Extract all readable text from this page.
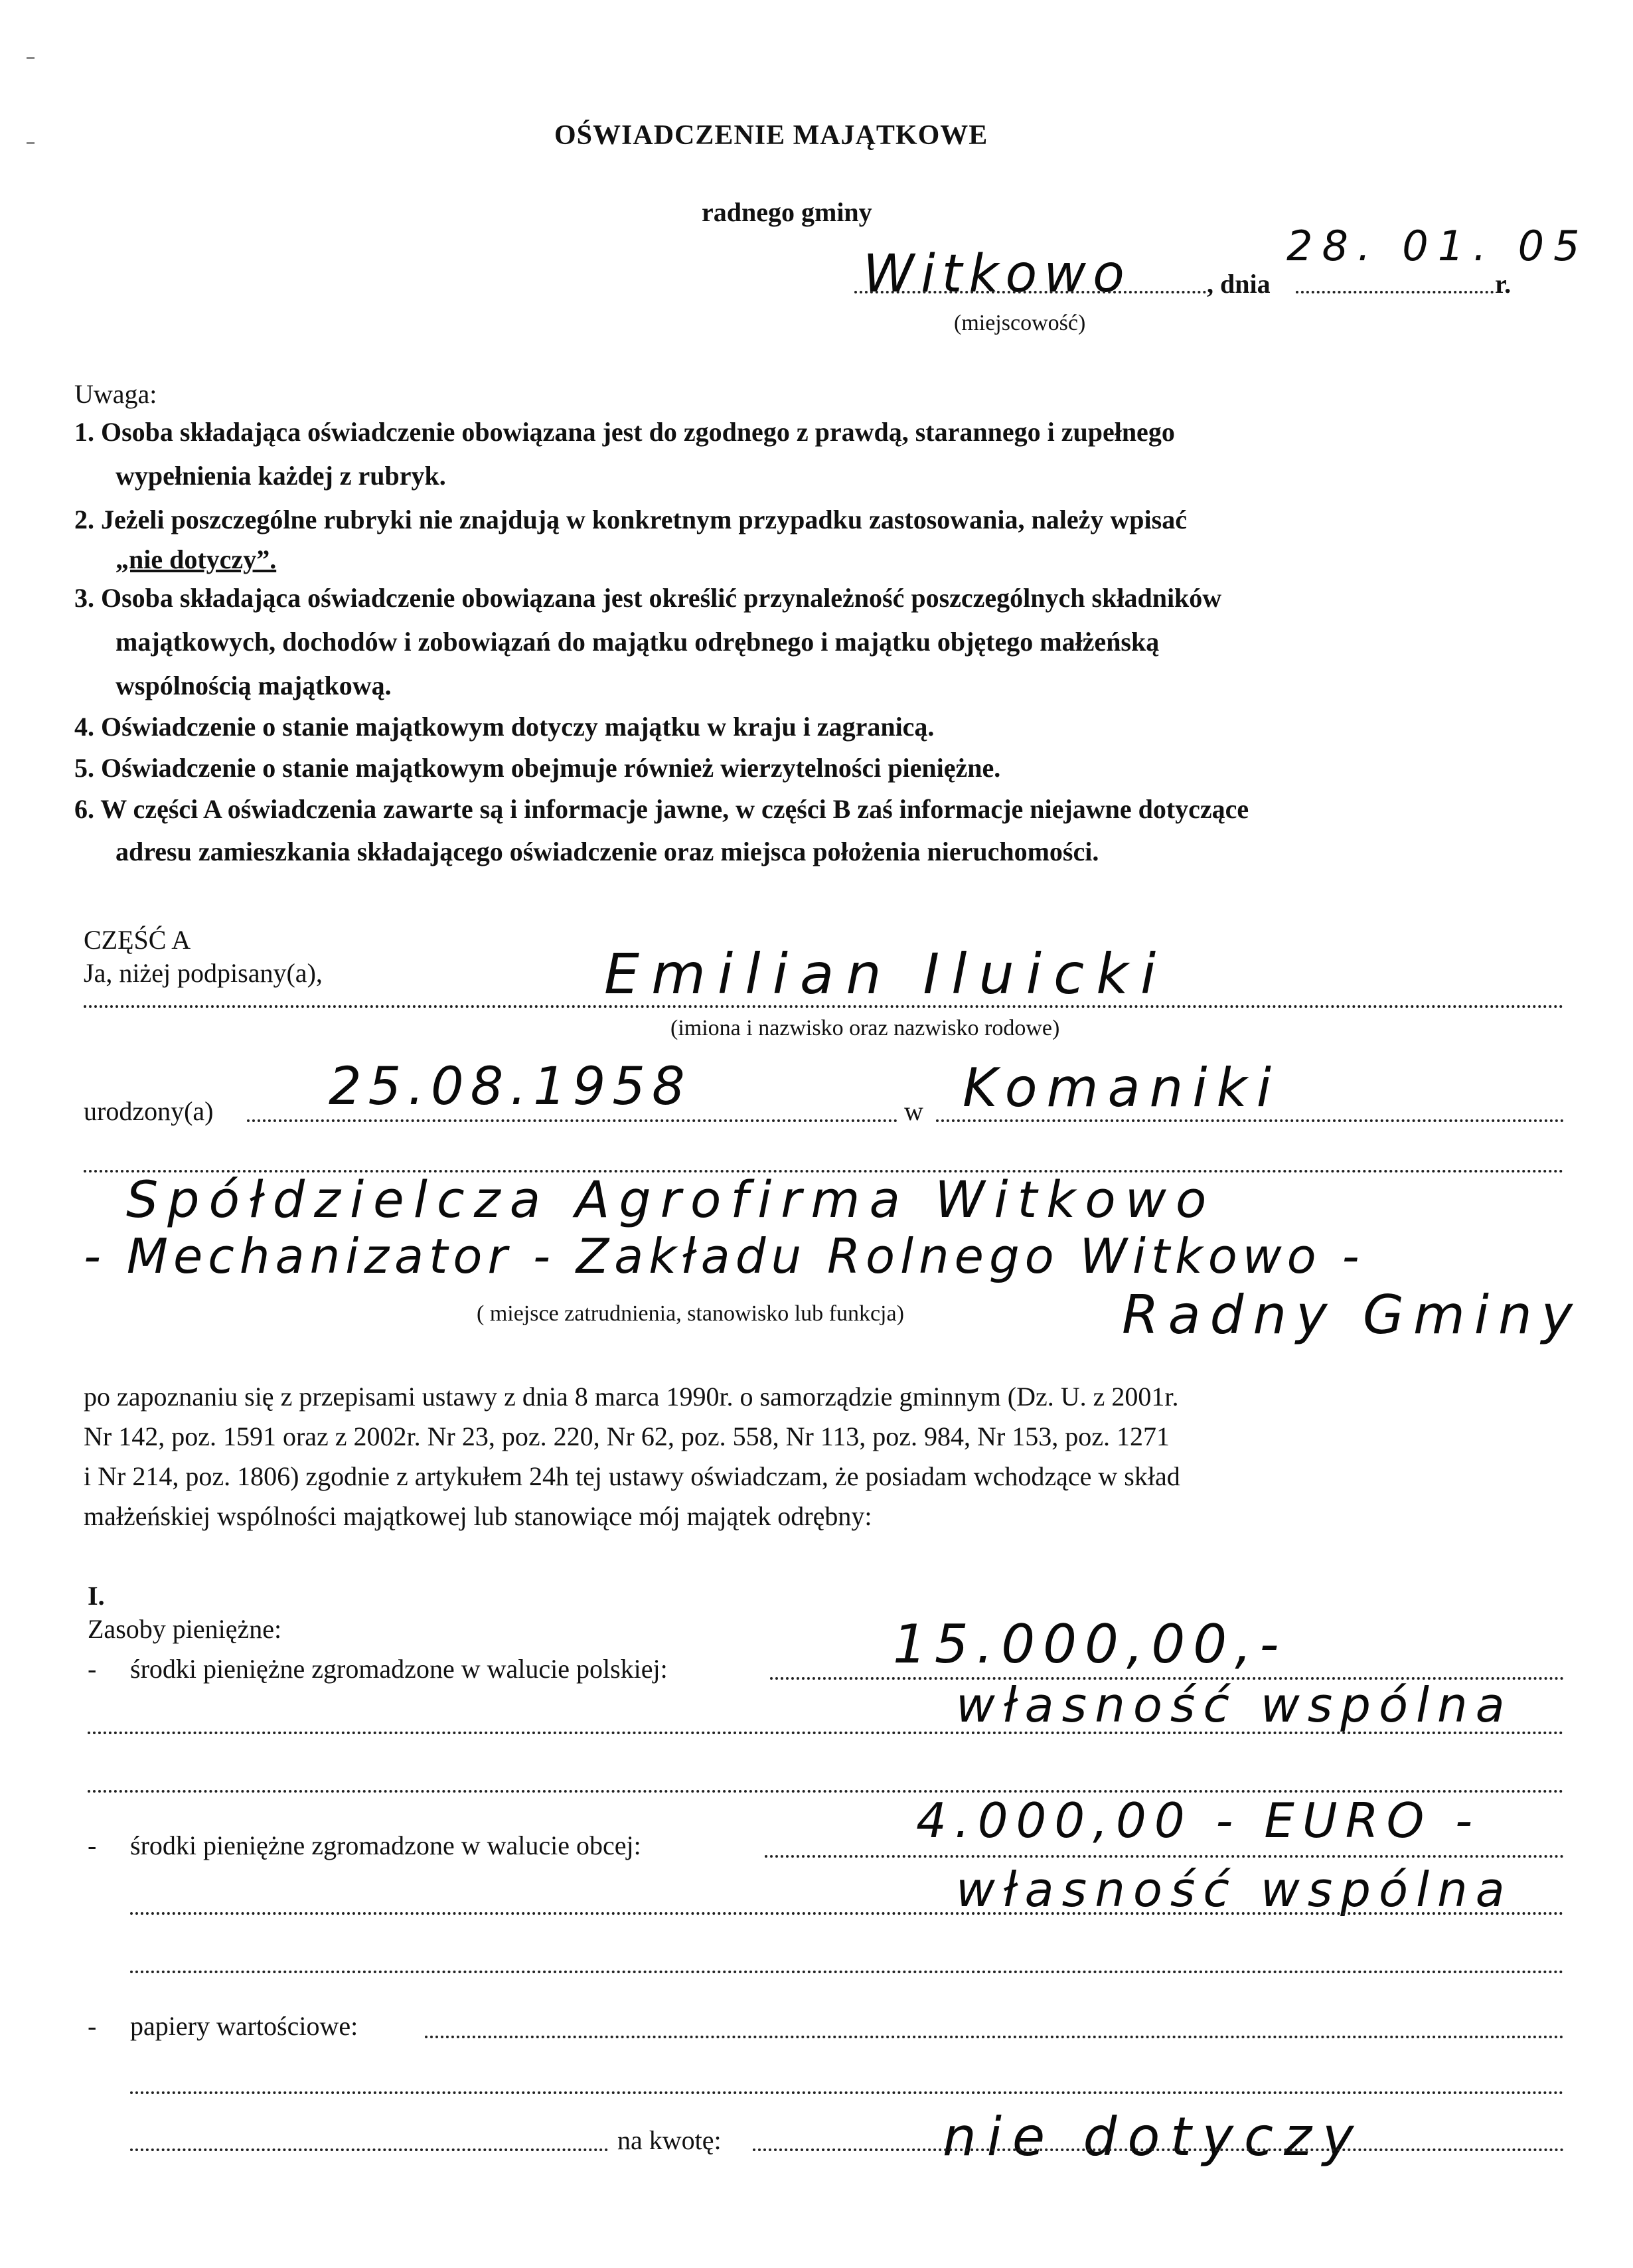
OŚWIADCZENIE MAJĄTKOWE
radnego gminy
Witkowo	28. 01. 05
, dnia	r.
(miejscowość)
Uwaga:
1. Osoba składająca oświadczenie obowiązana jest do zgodnego z prawdą, starannego i zupełnego
wypełnienia każdej z rubryk.
2. Jeżeli poszczególne rubryki nie znajdują w konkretnym przypadku zastosowania, należy wpisać
„nie dotyczy”.
3. Osoba składająca oświadczenie obowiązana jest określić przynależność poszczególnych składników
majątkowych, dochodów i zobowiązań do majątku odrębnego i majątku objętego małżeńską
wspólnością majątkową.
4. Oświadczenie o stanie majątkowym dotyczy majątku w kraju i zagranicą.
5. Oświadczenie o stanie majątkowym obejmuje również wierzytelności pieniężne.
6. W części A oświadczenia zawarte są i informacje jawne, w części B zaś informacje niejawne dotyczące
adresu zamieszkania składającego oświadczenie oraz miejsca położenia nieruchomości.
CZĘŚĆ A
Ja, niżej podpisany(a),	Emilian Iluicki
(imiona i nazwisko oraz nazwisko rodowe)
25.08.1958	Komaniki
urodzony(a)	w
Spółdzielcza Agrofirma Witkowo
- Mechanizator - Zakładu Rolnego Witkowo -
( miejsce zatrudnienia, stanowisko lub funkcja)	Radny Gminy
po zapoznaniu się z przepisami ustawy z dnia 8 marca 1990r. o samorządzie gminnym (Dz. U. z 2001r.
Nr 142, poz. 1591 oraz z 2002r. Nr 23, poz. 220, Nr 62, poz. 558, Nr 113, poz. 984, Nr 153, poz. 1271
i Nr 214, poz. 1806) zgodnie z artykułem 24h tej ustawy oświadczam, że posiadam wchodzące w skład
małżeńskiej wspólności majątkowej lub stanowiące mój majątek odrębny:
I.
Zasoby pieniężne:	15.000,00,-
- środki pieniężne zgromadzone w walucie polskiej:
własność wspólna
4.000,00 - EURO -
- środki pieniężne zgromadzone w walucie obcej:
własność wspólna
- papiery wartościowe:
nie dotyczy
na kwotę:
